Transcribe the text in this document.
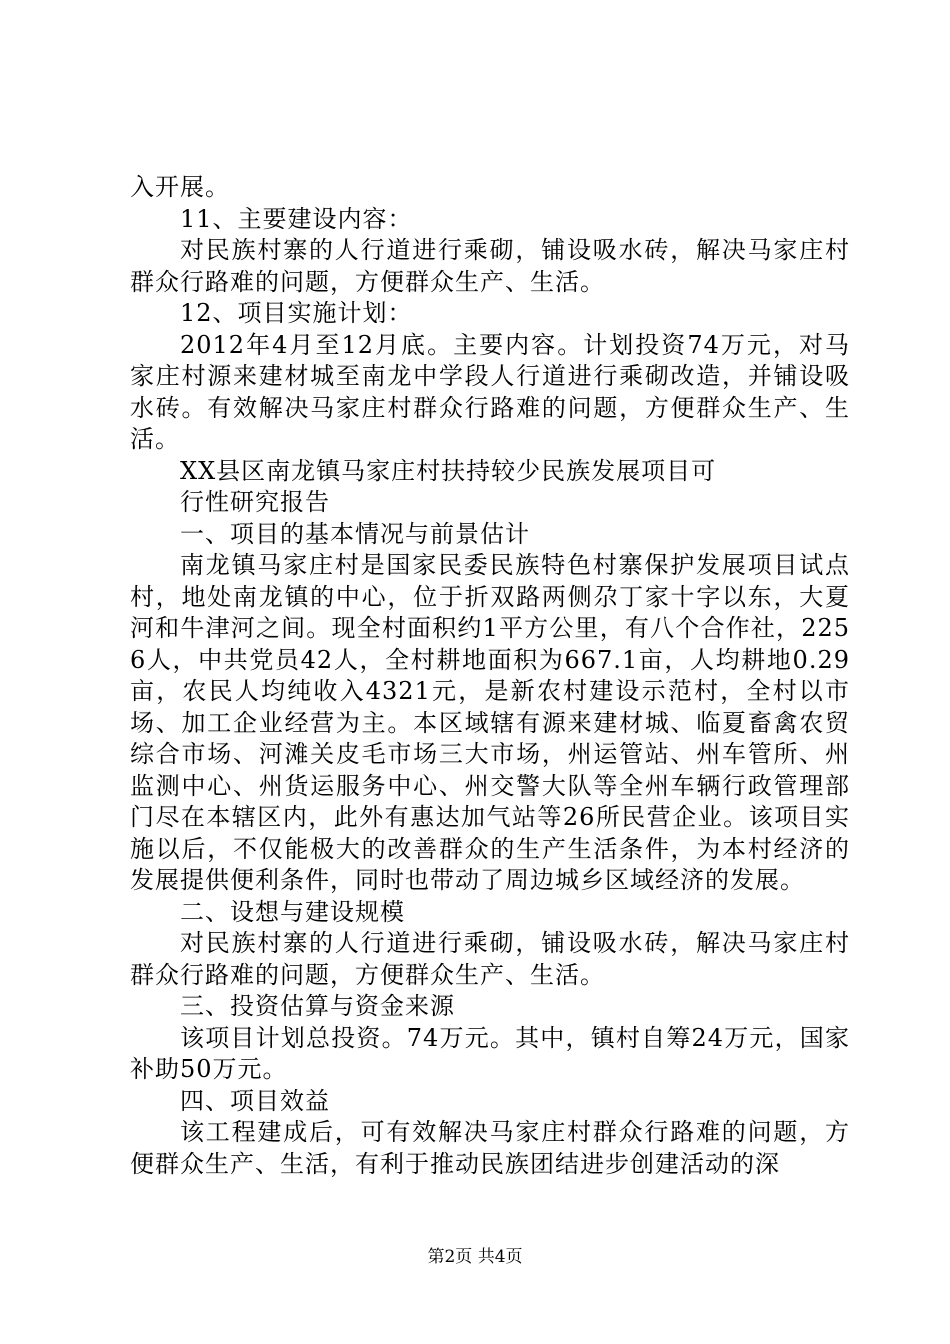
入开展。

11、主要建设内容：

对民族村寨的人行道进行乘砌，铺设吸水砖，解决马家庄村群众行路难的问题，方便群众生产、生活。

12、项目实施计划：

2012年4月至12月底。主要内容。计划投资74万元，对马家庄村源来建材城至南龙中学段人行道进行乘砌改造，并铺设吸水砖。有效解决马家庄村群众行路难的问题，方便群众生产、生活。

XX县区南龙镇马家庄村扶持较少民族发展项目可

行性研究报告

一、项目的基本情况与前景估计

南龙镇马家庄村是国家民委民族特色村寨保护发展项目试点村，地处南龙镇的中心，位于折双路两侧尕丁家十字以东，大夏河和牛津河之间。现全村面积约1平方公里，有八个合作社，2256人，中共党员42人，全村耕地面积为667.1亩，人均耕地0.29亩，农民人均纯收入4321元，是新农村建设示范村，全村以市场、加工企业经营为主。本区域辖有源来建材城、临夏畜禽农贸综合市场、河滩关皮毛市场三大市场，州运管站、州车管所、州监测中心、州货运服务中心、州交警大队等全州车辆行政管理部门尽在本辖区内，此外有惠达加气站等26所民营企业。该项目实施以后，不仅能极大的改善群众的生产生活条件，为本村经济的发展提供便利条件，同时也带动了周边城乡区域经济的发展。

二、设想与建设规模

对民族村寨的人行道进行乘砌，铺设吸水砖，解决马家庄村群众行路难的问题，方便群众生产、生活。

三、投资估算与资金来源

该项目计划总投资。74万元。其中，镇村自筹24万元，国家补助50万元。

四、项目效益

该工程建成后，可有效解决马家庄村群众行路难的问题，方便群众生产、生活，有利于推动民族团结进步创建活动的深

第2页 共4页
